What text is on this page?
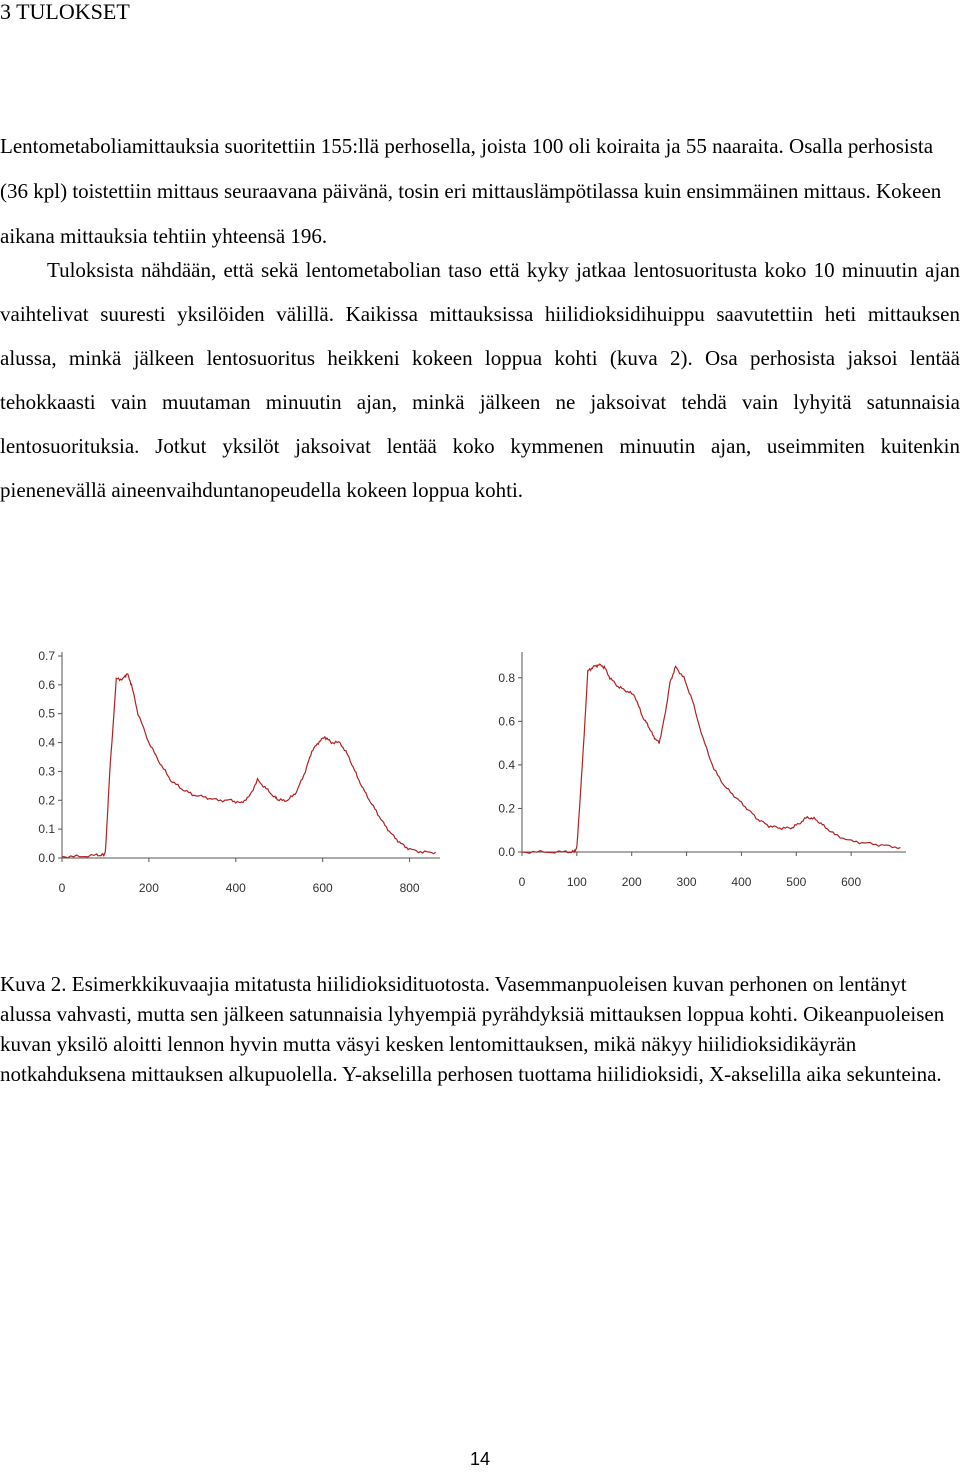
3 TULOKSET

Lentometaboliamittauksia suoritettiin 155:llä perhosella, joista 100 oli koiraita ja 55 naaraita. Osalla perhosista (36 kpl) toistettiin mittaus seuraavana päivänä, tosin eri mittauslämpötilassa kuin ensimmäinen mittaus. Kokeen aikana mittauksia tehtiin yhteensä 196.

Tuloksista nähdään, että sekä lentometabolian taso että kyky jatkaa lentosuoritusta koko 10 minuutin ajan vaihtelivat suuresti yksilöiden välillä. Kaikissa mittauksissa hiilidioksidihuippu saavutettiin heti mittauksen alussa, minkä jälkeen lentosuoritus heikkeni kokeen loppua kohti (kuva 2). Osa perhosista jaksoi lentää tehokkaasti vain muutaman minuutin ajan, minkä jälkeen ne jaksoivat tehdä vain lyhyitä satunnaisia lentosuorituksia. Jotkut yksilöt jaksoivat lentää koko kymmenen minuutin ajan, useimmiten kuitenkin pienenevällä aineenvaihduntanopeudella kokeen loppua kohti.

0.0
0.1
0.2
0.3
0.4
0.5
0.6
0.7
0	200	400	600	800
0.0
0.2
0.4
0.6
0.8
0	100	200	300	400	500	600

Kuva 2. Esimerkkikuvaajia mitatusta hiilidioksidituotosta. Vasemmanpuoleisen kuvan perhonen on lentänyt alussa vahvasti, mutta sen jälkeen satunnaisia lyhyempiä pyrähdyksiä mittauksen loppua kohti. Oikeanpuoleisen kuvan yksilö aloitti lennon hyvin mutta väsyi kesken lentomittauksen, mikä näkyy hiilidioksidikäyrän notkahduksena mittauksen alkupuolella. Y-akselilla perhosen tuottama hiilidioksidi, X-akselilla aika sekunteina.

14
